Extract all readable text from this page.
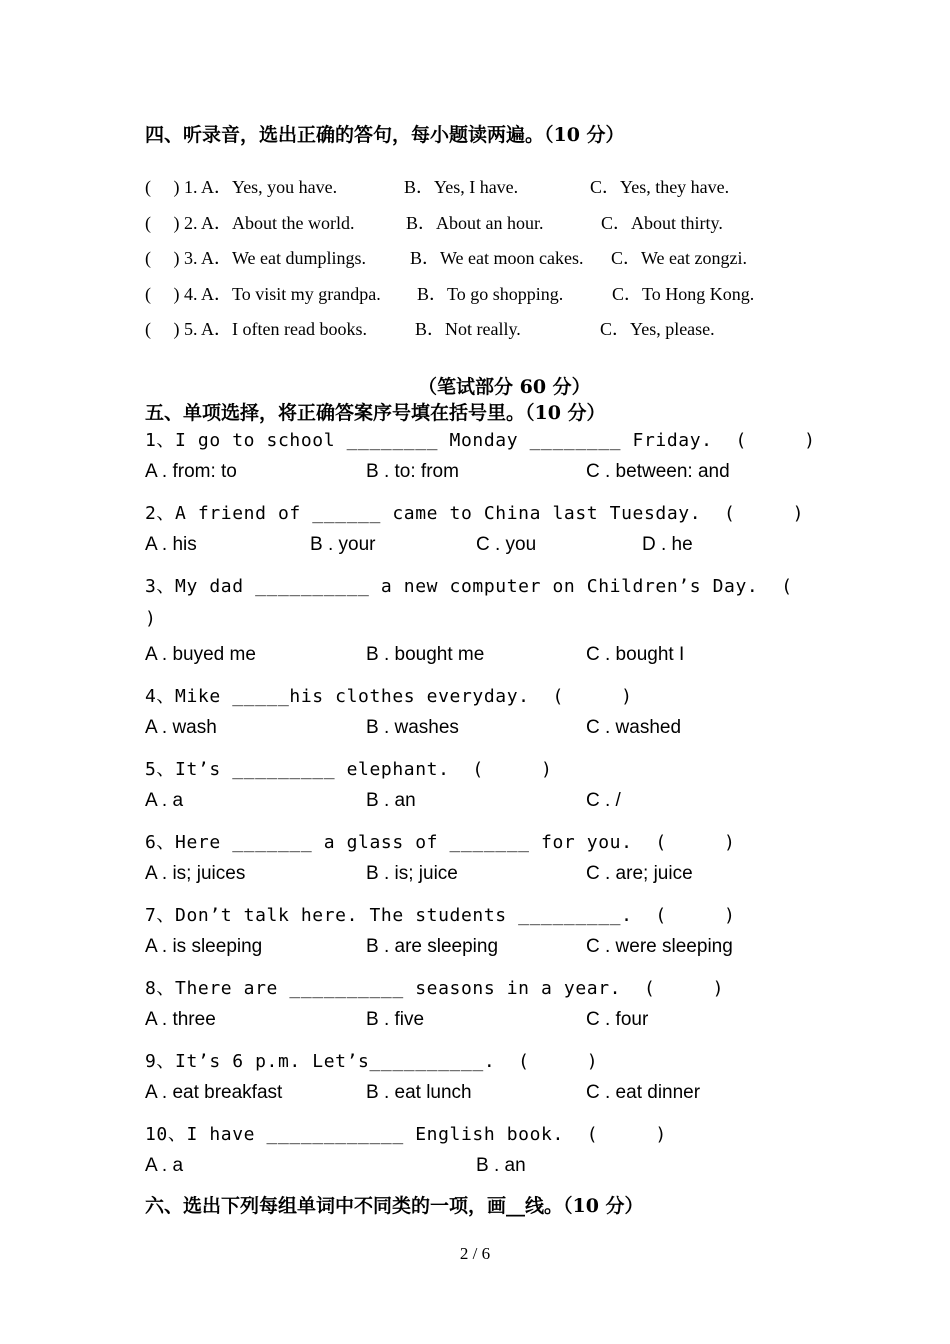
四、听录音，选出正确的答句，每小题读两遍。（10 分）
(     ) 1. A．Yes, you have.	B．Yes, I have.	C．Yes, they have.
(     ) 2. A．About the world.	B．About an hour.	C．About thirty.
(     ) 3. A．We eat dumplings. B．We eat moon cakes. C．We eat zongzi.
(     ) 4. A．To visit my grandpa. B．To go shopping.	C．To Hong Kong.
(     ) 5. A．I often read books.	B．Not really.	C．Yes, please.
（笔试部分 60 分）
五、单项选择，将正确答案序号填在括号里。（10 分）
1、I go to school ________ Monday ________ Friday.  (     )
A . from: to	B . to: from	C . between: and
2、A friend of ______ came to China last Tuesday.  (     )
A . his	B . your	C . you	D . he
3、My dad __________ a new computer on Children’s Day.  (
)
A . buyed me	B . bought me	C . bought I
4、Mike _____his clothes everyday.  (     )
A . wash	B . washes	C . washed
5、It’s _________ elephant.  (     )
A . a	B . an	C . /
6、Here _______ a glass of _______ for you.  (     )
A . is; juices	B . is; juice	C . are; juice
7、Don’t talk here. The students _________.  (     )
A . is sleeping	B . are sleeping	C . were sleeping
8、There are __________ seasons in a year.  (     )
A . three	B . five	C . four
9、It’s 6 p.m. Let’s__________.  (     )
A . eat breakfast	B . eat lunch	C . eat dinner
10、I have ____________ English book.  (     )
A . a	B . an
六、选出下列每组单词中不同类的一项，画__线。（10 分）
2 / 6
